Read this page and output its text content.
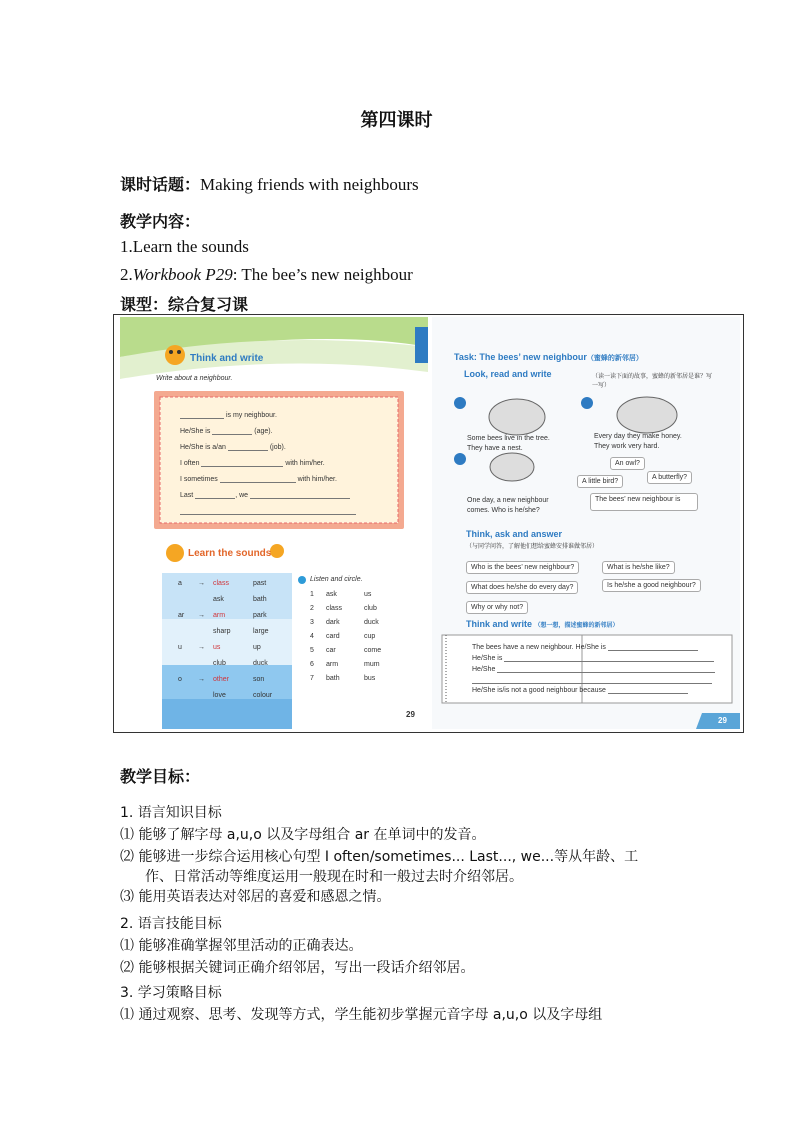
第四课时
课时话题：Making friends with neighbours
教学内容：
1.Learn the sounds
2.Workbook P29: The bee’s new neighbour
课型：综合复习课
Think and write
Write about a neighbour.
is my neighbour.
He/She is	(age).
He/She is a/an	(job).
I often	with him/her.
I sometimes	with him/her.
Last	, we
Learn the sounds
a → class	past
ask	bath
ar → arm	park
sharp	large
u → us	up
club	duck
o → other	son
love	colour
Listen and circle.
1 ask	us
2 class	club
3 dark	duck
4 card	cup
5 car	come
6 arm	mum
7 bath	bus
29
Task: The bees’ new neighbour（蜜蜂的新邻居）
Look, read and write	（读一读下面的故事，蜜蜂的新邻居是谁？写一写）
Some bees live in the tree.
They have a nest.
Every day they make honey.
They work very hard.
An owl?
A little bird?
A butterfly?
One day, a new neighbour
comes. Who is he/she?
The bees’ new neighbour is
Think, ask and answer
（与同学问答，了解他们想给蜜蜂安排谁做邻居）
Who is the bees’ new neighbour?	What is he/she like?
What does he/she do every day?	Is he/she a good neighbour?
Why or why not?
Think and write （想一想，描述蜜蜂的新邻居）
The bees have a new neighbour. He/She is
He/She is
He/She
He/She is/is not a good neighbour because
29
教学目标：
1. 语言知识目标
⑴ 能够了解字母 a,u,o 以及字母组合 ar 在单词中的发音。
⑵ 能够进一步综合运用核心句型 I often/sometimes... Last..., we...等从年龄、工
作、日常活动等维度运用一般现在时和一般过去时介绍邻居。
⑶ 能用英语表达对邻居的喜爱和感恩之情。
2. 语言技能目标
⑴ 能够准确掌握邻里活动的正确表达。
⑵ 能够根据关键词正确介绍邻居，写出一段话介绍邻居。
3. 学习策略目标
⑴ 通过观察、思考、发现等方式，学生能初步掌握元音字母 a,u,o 以及字母组
